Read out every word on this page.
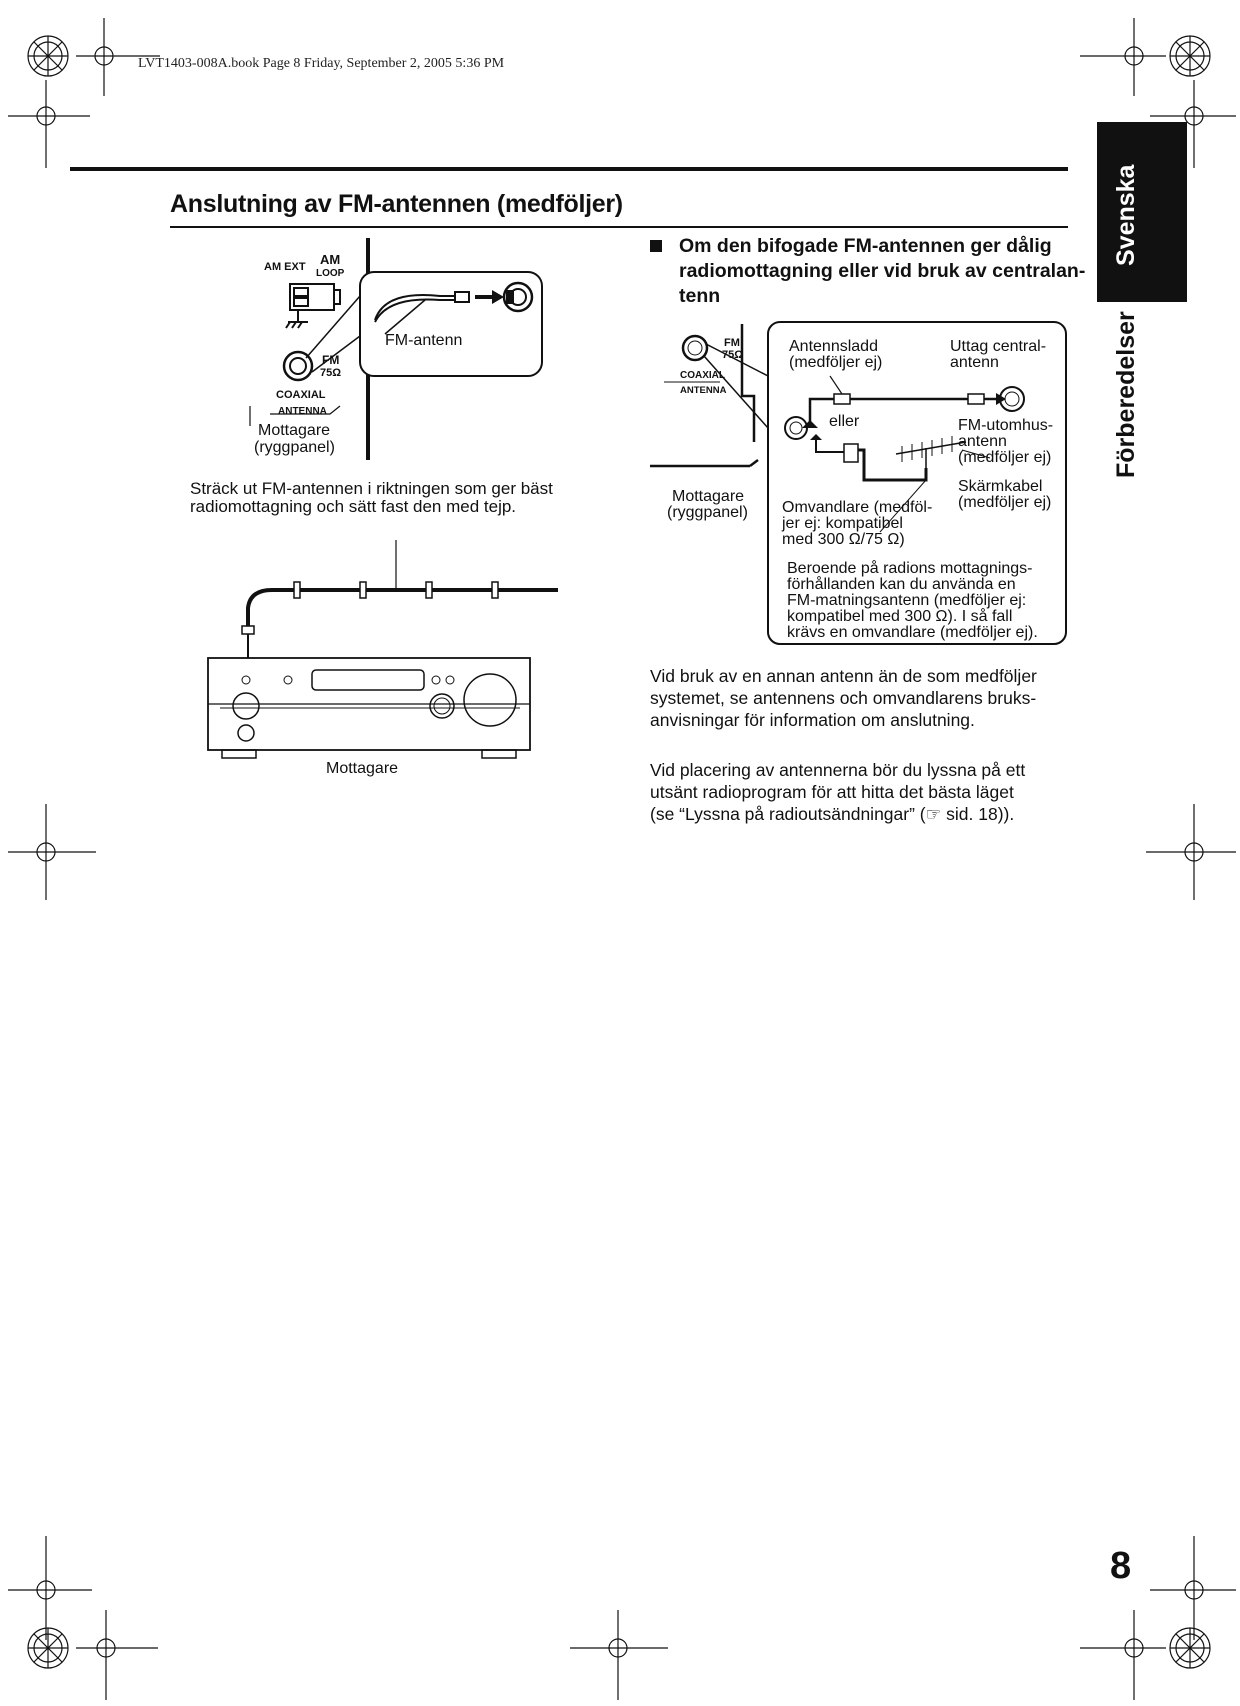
LVT1403-008A.book Page 8 Friday, September 2, 2005 5:36 PM
Anslutning av FM-antennen (medföljer)	Svenska
Förberedelser
AM EXT AM
LOOP
FM
75Ω
COAXIAL
ANTENNA
FM-antenn
Mottagare
(ryggpanel)
Sträck ut FM-antennen i riktningen som ger bäst
radiomottagning och sätt fast den med tejp.
Mottagare
Om den bifogade FM-antennen ger dålig
radiomottagning eller vid bruk av centralan-
tenn
FM
75Ω
COAXIAL
ANTENNA
Antennsladd
(medföljer ej)
Uttag central-
antenn
eller	FM-utomhus-
antenn
(medföljer ej)
Skärmkabel
(medföljer ej)
Omvandlare (medföl-
jer ej: kompatibel
med 300 Ω/75 Ω)
Mottagare
(ryggpanel)
Beroende på radions mottagnings-
förhållanden kan du använda en
FM-matningsantenn (medföljer ej:
kompatibel med 300 Ω). I så fall
krävs en omvandlare (medföljer ej).
Vid bruk av en annan antenn än de som medföljer
systemet, se antennens och omvandlarens bruks-
anvisningar för information om anslutning.
Vid placering av antennerna bör du lyssna på ett
utsänt radioprogram för att hitta det bästa läget
(se “Lyssna på radioutsändningar” (☞ sid. 18)).
8
